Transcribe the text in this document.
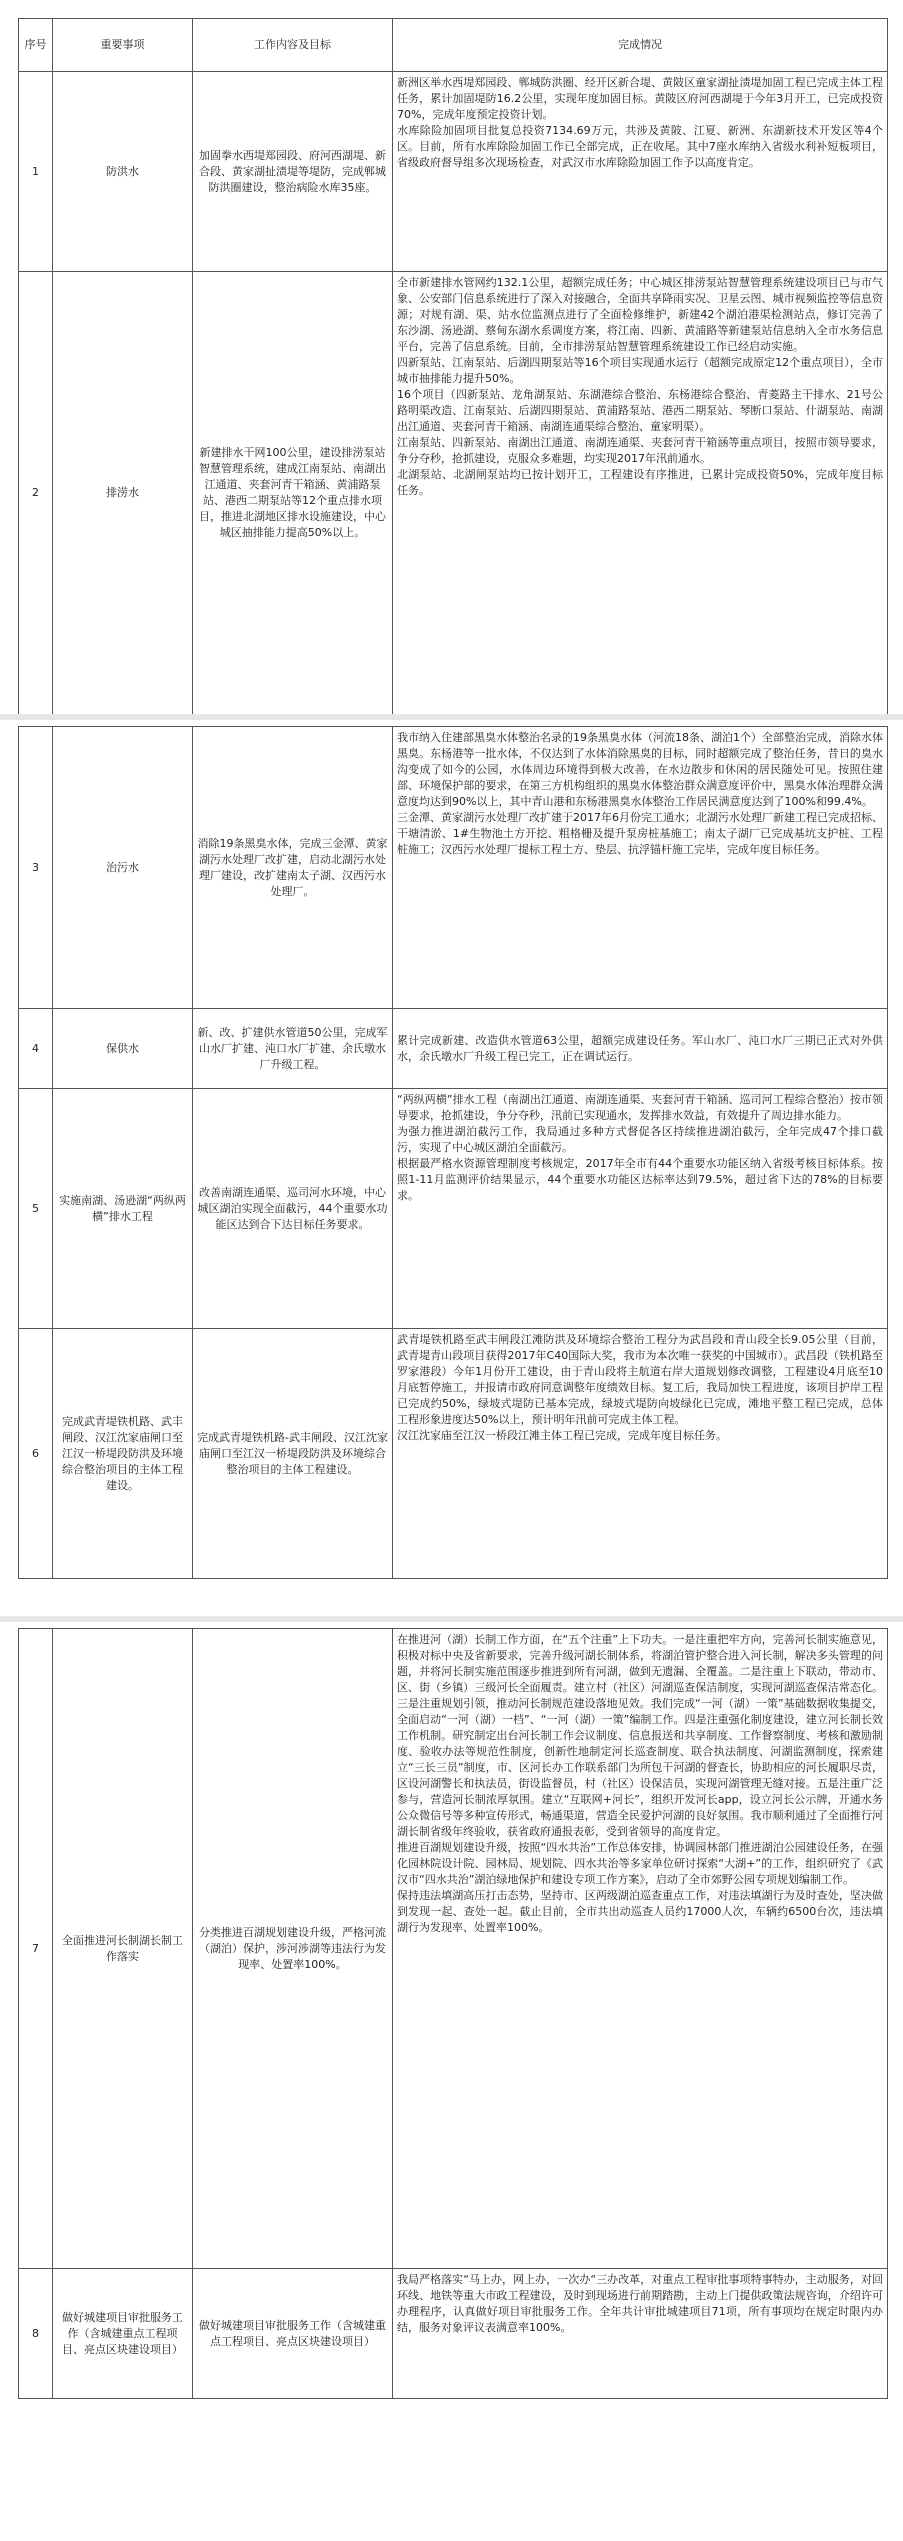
序号	重要事项	工作内容及目标	完成情况
1	防洪水	加固拳水西堤郑园段、府河西湖堤、新合段、黄家湖扯渍堤等堤防，完成郸城防洪圈建设，整治病险水库35座。	新洲区举水西堤郑园段、郸城防洪圈、经开区新合堤、黄陂区童家湖扯渍堤加固工程已完成主体工程任务，累计加固堤防16.2公里，实现年度加固目标。黄陂区府河西湖堤于今年3月开工，已完成投资70%，完成年度预定投资计划。
水库除险加固项目批复总投资7134.69万元，共涉及黄陂、江夏、新洲、东湖新技术开发区等4个区。目前，所有水库除险加固工作已全部完成，正在收尾。其中7座水库纳入省级水利补短板项目，省级政府督导组多次现场检查，对武汉市水库除险加固工作予以高度肯定。
2	排涝水	新建排水干网100公里，建设排涝泵站智慧管理系统，建成江南泵站、南湖出江通道、夹套河青干箱涵、黄浦路泵站、港西二期泵站等12个重点排水项目，推进北湖地区排水设施建设，中心城区抽排能力提高50%以上。	全市新建排水管网约132.1公里，超额完成任务；中心城区排涝泵站智慧管理系统建设项目已与市气象、公安部门信息系统进行了深入对接融合，全面共享降雨实况、卫星云图、城市视频监控等信息资源；对规有湖、渠、站水位监测点进行了全面检修维护，新建42个湖泊港渠检测站点，修订完善了东沙湖、汤逊湖、蔡甸东湖水系调度方案，将江南、四新、黄浦路等新建泵站信息纳入全市水务信息平台，完善了信息系统。目前，全市排涝泵站智慧管理系统建设工作已经启动实施。
四新泵站、江南泵站、后湖四期泵站等16个项目实现通水运行（超额完成原定12个重点项目），全市城市抽排能力提升50%。
16个项目（四新泵站、龙角湖泵站、东湖港综合整治、东杨港综合整治、青菱路主干排水、21号公路明渠改造、江南泵站、后湖四期泵站、黄浦路泵站、港西二期泵站、琴断口泵站、什湖泵站、南湖出江通道、夹套河青干箱涵、南湖连通渠综合整治、童家明渠）。
江南泵站、四新泵站、南湖出江通道、南湖连通渠、夹套河青干箱涵等重点项目，按照市领导要求，争分夺秒，抢抓建设，克服众多难题，均实现2017年汛前通水。
北湖泵站、北湖闸泵站均已按计划开工，工程建设有序推进，已累计完成投资50%，完成年度目标任务。
3	治污水	消除19条黑臭水体，完成三金潭、黄家湖污水处理厂改扩建，启动北湖污水处理厂建设，改扩建南太子湖、汉西污水处理厂。	我市纳入住建部黑臭水体整治名录的19条黑臭水体（河流18条、湖泊1个）全部整治完成，消除水体黑臭。东杨港等一批水体，不仅达到了水体消除黑臭的目标，同时超额完成了整治任务，昔日的臭水沟变成了如今的公园，水体周边环境得到极大改善，在水边散步和休闲的居民随处可见。按照住建部、环境保护部的要求，在第三方机构组织的黑臭水体整治群众满意度评价中，黑臭水体治理群众满意度均达到90%以上，其中青山港和东杨港黑臭水体整治工作居民满意度达到了100%和99.4%。
三金潭、黄家湖污水处理厂改扩建于2017年6月份完工通水；北湖污水处理厂新建工程已完成招标、干塘清淤、1#生物池土方开挖、粗格栅及提升泵房桩基施工；南太子湖厂已完成基坑支护桩、工程桩施工；汉西污水处理厂提标工程土方、垫层、抗浮锚杆施工完毕，完成年度目标任务。
4	保供水	新、改、扩建供水管道50公里，完成军山水厂扩建、沌口水厂扩建、余氏墩水厂升级工程。	累计完成新建、改造供水管道63公里，超额完成建设任务。军山水厂、沌口水厂三期已正式对外供水，余氏墩水厂升级工程已完工，正在调试运行。
5	实施南湖、汤逊湖“两纵两横”排水工程	改善南湖连通渠、巡司河水环境，中心城区湖泊实现全面截污，44个重要水功能区达到合下达目标任务要求。	“两纵两横”排水工程（南湖出江通道、南湖连通渠、夹套河青干箱涵、巡司河工程综合整治）按市领导要求，抢抓建设，争分夺秒，汛前已实现通水，发挥排水效益，有效提升了周边排水能力。
为强力推进湖泊截污工作，我局通过多种方式督促各区持续推进湖泊截污，全年完成47个排口截污，实现了中心城区湖泊全面截污。
根据最严格水资源管理制度考核规定，2017年全市有44个重要水功能区纳入省级考核目标体系。按照1-11月监测评价结果显示，44个重要水功能区达标率达到79.5%，超过省下达的78%的目标要求。
6	完成武青堤铁机路、武丰闸段、汉江沈家庙闸口至江汉一桥堤段防洪及环境综合整治项目的主体工程建设。	完成武青堤铁机路-武丰闸段、汉江沈家庙闸口至江汉一桥堤段防洪及环境综合整治项目的主体工程建设。	武青堤铁机路至武丰闸段江滩防洪及环境综合整治工程分为武昌段和青山段全长9.05公里（目前，武青堤青山段项目获得2017年C40国际大奖，我市为本次唯一获奖的中国城市）。武昌段（铁机路至罗家港段）今年1月份开工建设，由于青山段将主航道右岸大道规划修改调整，工程建设4月底至10月底暂停施工，并报请市政府同意调整年度绩效目标。复工后，我局加快工程进度，该项目护岸工程已完成约50%，绿坡式堤防已基本完成，绿坡式堤防向坡绿化已完成，滩地平整工程已完成，总体工程形象进度达50%以上，预计明年汛前可完成主体工程。
汉江沈家庙至江汉一桥段江滩主体工程已完成，完成年度目标任务。
7	全面推进河长制湖长制工作落实	分类推进百湖规划建设升级，严格河流（湖泊）保护，涉河涉湖等违法行为发现率、处置率100%。	在推进河（湖）长制工作方面，在“五个注重”上下功夫。一是注重把牢方向，完善河长制实施意见，积极对标中央及省新要求，完善升级河湖长制体系，将湖泊管护整合进入河长制，解决多头管理的问题，并将河长制实施范围逐步推进到所有河湖，做到无遗漏、全覆盖。二是注重上下联动，带动市、区、街（乡镇）三级河长全面履责。建立村（社区）河湖巡查保洁制度，实现河湖巡查保洁常态化。三是注重规划引领，推动河长制规范建设落地见效。我们完成“一河（湖）一策”基础数据收集提交，全面启动“一河（湖）一档”、“一河（湖）一策”编制工作。四是注重强化制度建设，建立河长制长效工作机制。研究制定出台河长制工作会议制度、信息报送和共享制度、工作督察制度、考核和激励制度、验收办法等规范性制度，创新性地制定河长巡查制度、联合执法制度、河湖监测制度，探索建立“三长三员”制度，市、区河长办工作联系部门为所包干河湖的督查长，协助相应的河长履职尽责，区设河湖警长和执法员，街设监督员，村（社区）设保洁员，实现河湖管理无缝对接。五是注重广泛参与，营造河长制浓厚氛围。建立“互联网+河长”，组织开发河长app，设立河长公示牌，开通水务公众微信号等多种宣传形式，畅通渠道，营造全民爱护河湖的良好氛围。我市顺利通过了全面推行河湖长制省级年终验收，获省政府通报表彰，受到省领导的高度肯定。
推进百湖规划建设升级，按照“四水共治”工作总体安排，协调园林部门推进湖泊公园建设任务，在强化园林院设计院、园林局、规划院、四水共治等多家单位研讨探索“大湖+”的工作，组织研究了《武汉市“四水共治”湖泊绿地保护和建设专项工作方案》，启动了全市郊野公园专项规划编制工作。
保持违法填湖高压打击态势，坚持市、区两级湖泊巡查重点工作，对违法填湖行为及时查处，坚决做到发现一起、查处一起。截止目前，全市共出动巡查人员约17000人次，车辆约6500台次，违法填湖行为发现率、处置率100%。
8	做好城建项目审批服务工作（含城建重点工程项目、亮点区块建设项目）	做好城建项目审批服务工作（含城建重点工程项目、亮点区块建设项目）	我局严格落实“马上办，网上办，一次办“三办改革，对重点工程审批事项特事特办，主动服务，对回环线、地铁等重大市政工程建设，及时到现场进行前期踏勘，主动上门提供政策法规咨询，介绍许可办理程序，认真做好项目审批服务工作。全年共计审批城建项目71项，所有事项均在规定时限内办结，服务对象评议表满意率100%。
